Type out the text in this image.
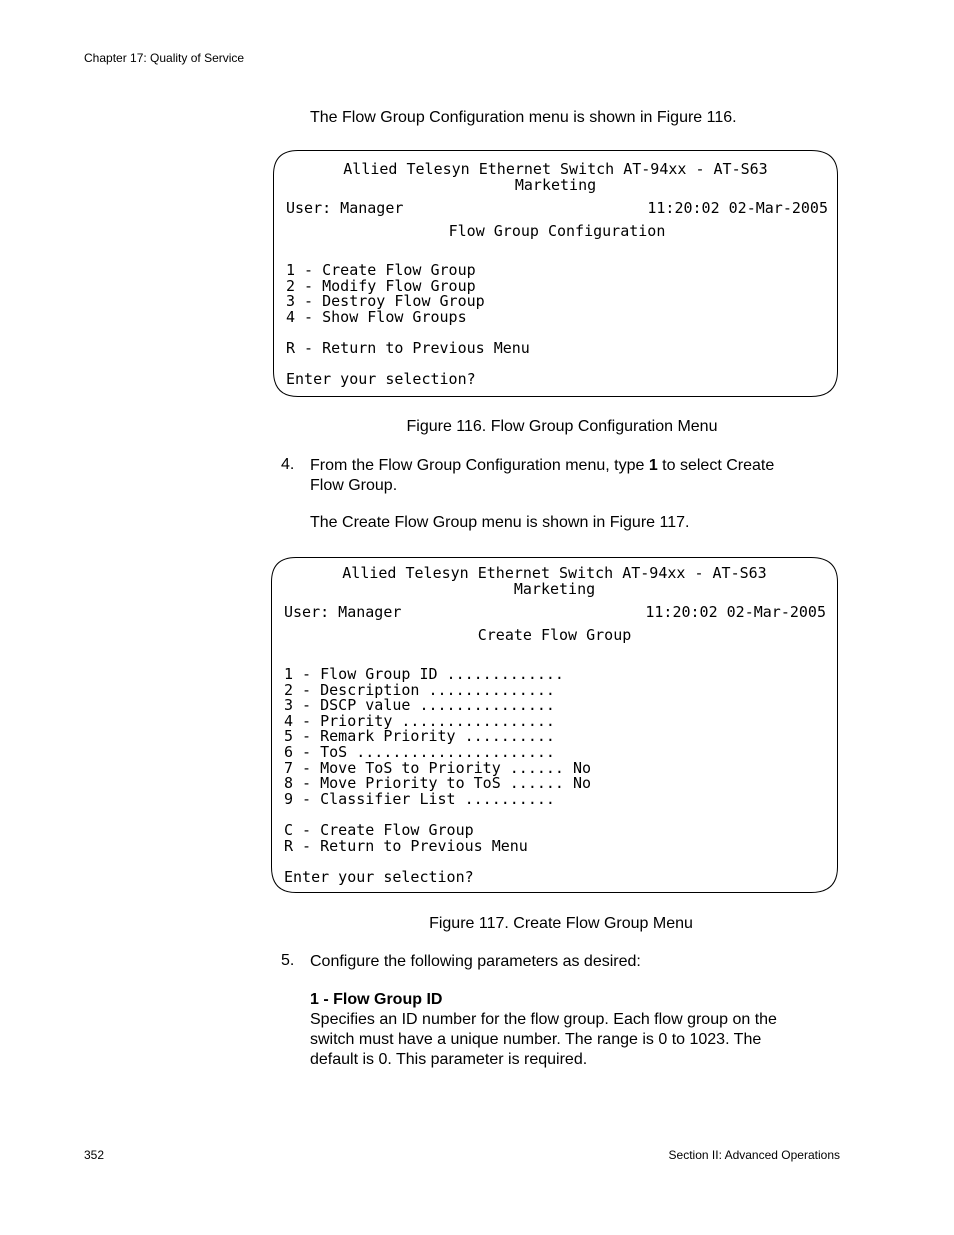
Chapter 17: Quality of Service
The Flow Group Configuration menu is shown in Figure 116.
Allied Telesyn Ethernet Switch AT-94xx - AT-S63
Marketing
User: Manager	11:20:02 02-Mar-2005
Flow Group Configuration
1 - Create Flow Group
2 - Modify Flow Group
3 - Destroy Flow Group
4 - Show Flow Groups
R - Return to Previous Menu
Enter your selection?
Figure 116. Flow Group Configuration Menu
4. From the Flow Group Configuration menu, type 1 to select Create
Flow Group.
The Create Flow Group menu is shown in Figure 117.
Allied Telesyn Ethernet Switch AT-94xx - AT-S63
Marketing
User: Manager	11:20:02 02-Mar-2005
Create Flow Group
1 - Flow Group ID .............
2 - Description ..............
3 - DSCP value ...............
4 - Priority .................
5 - Remark Priority ..........
6 - ToS ......................
7 - Move ToS to Priority ...... No
8 - Move Priority to ToS ...... No
9 - Classifier List ..........
C - Create Flow Group
R - Return to Previous Menu
Enter your selection?
Figure 117. Create Flow Group Menu
5. Configure the following parameters as desired:
1 - Flow Group ID
Specifies an ID number for the flow group. Each flow group on the
switch must have a unique number. The range is 0 to 1023. The
default is 0. This parameter is required.
352	Section II: Advanced Operations
